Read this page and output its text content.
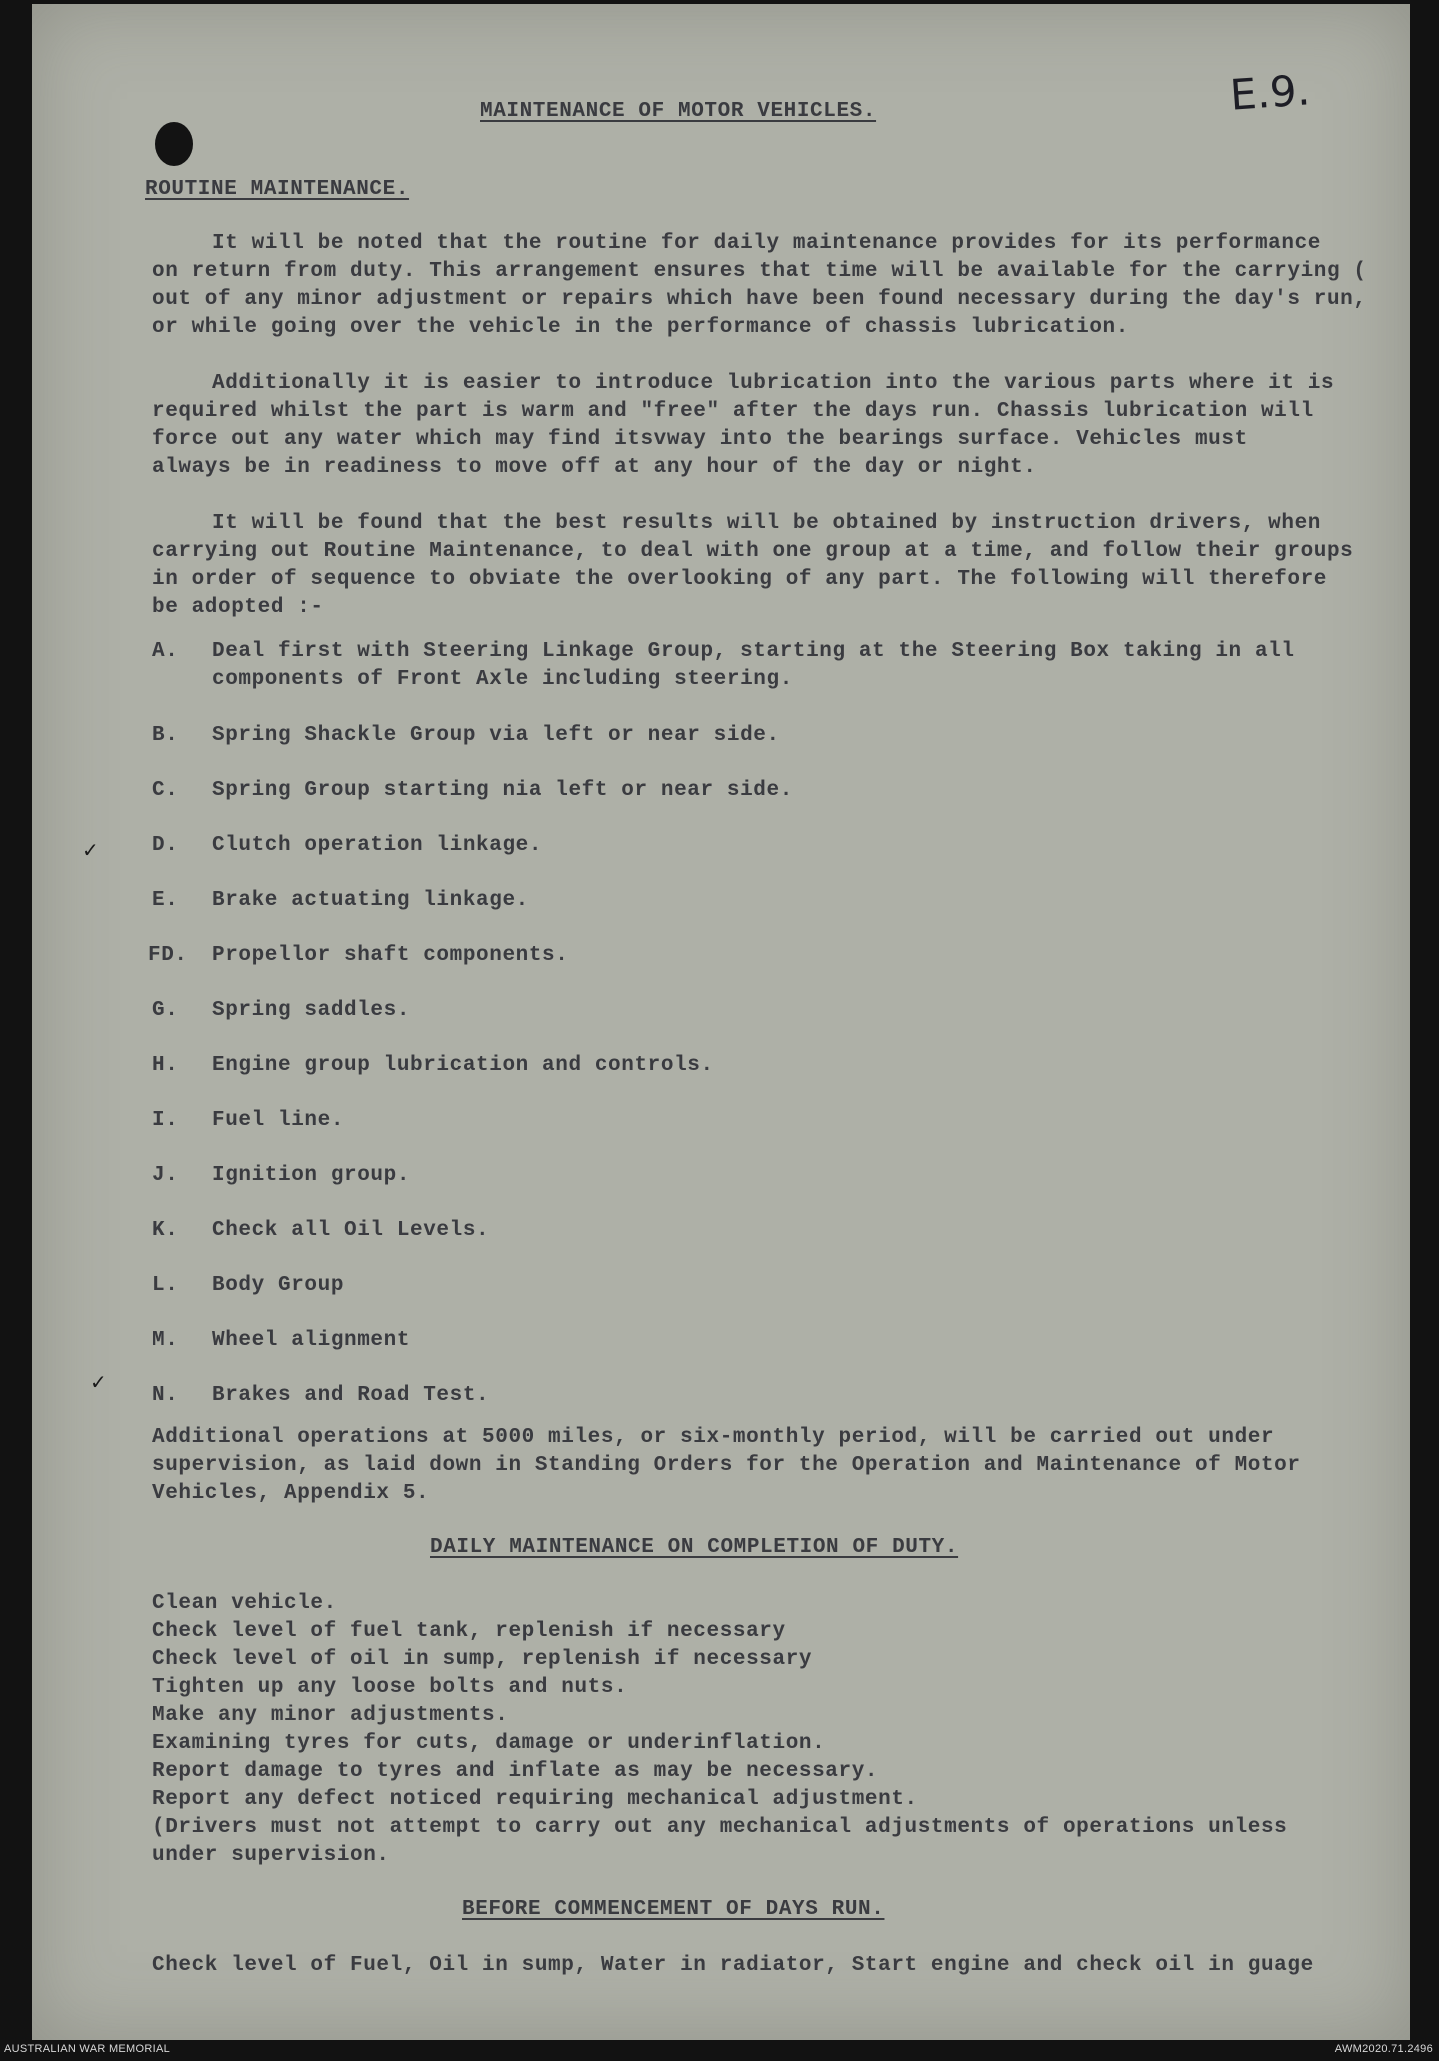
E.9.
MAINTENANCE OF MOTOR VEHICLES.
ROUTINE MAINTENANCE.
It will be noted that the routine for daily maintenance provides for its performance
on return from duty. This arrangement ensures that time will be available for the carrying (
out of any minor adjustment or repairs which have been found necessary during the day's run,
or while going over the vehicle in the performance of chassis lubrication.
Additionally it is easier to introduce lubrication into the various parts where it is
required whilst the part is warm and "free" after the days run. Chassis lubrication will
force out any water which may find itsvway into the bearings surface. Vehicles must
always be in readiness to move off at any hour of the day or night.
It will be found that the best results will be obtained by instruction drivers, when
carrying out Routine Maintenance, to deal with one group at a time, and follow their groups
in order of sequence to obviate the overlooking of any part. The following will therefore
be adopted :-
A. Deal first with Steering Linkage Group, starting at the Steering Box taking in all
components of Front Axle including steering.
B. Spring Shackle Group via left or near side.
C. Spring Group starting nia left or near side.
✓	D. Clutch operation linkage.
E. Brake actuating linkage.
FD. Propellor shaft components.
G. Spring saddles.
H. Engine group lubrication and controls.
I. Fuel line.
J. Ignition group.
K. Check all Oil Levels.
L. Body Group
M. Wheel alignment
✓
N. Brakes and Road Test.
Additional operations at 5000 miles, or six-monthly period, will be carried out under
supervision, as laid down in Standing Orders for the Operation and Maintenance of Motor
Vehicles, Appendix 5.
DAILY MAINTENANCE ON COMPLETION OF DUTY.
Clean vehicle.
Check level of fuel tank, replenish if necessary
Check level of oil in sump, replenish if necessary
Tighten up any loose bolts and nuts.
Make any minor adjustments.
Examining tyres for cuts, damage or underinflation.
Report damage to tyres and inflate as may be necessary.
Report any defect noticed requiring mechanical adjustment.
(Drivers must not attempt to carry out any mechanical adjustments of operations unless
under supervision.
BEFORE COMMENCEMENT OF DAYS RUN.
Check level of Fuel, Oil in sump, Water in radiator, Start engine and check oil in guage
AUSTRALIAN WAR MEMORIAL	AWM2020.71.2496
